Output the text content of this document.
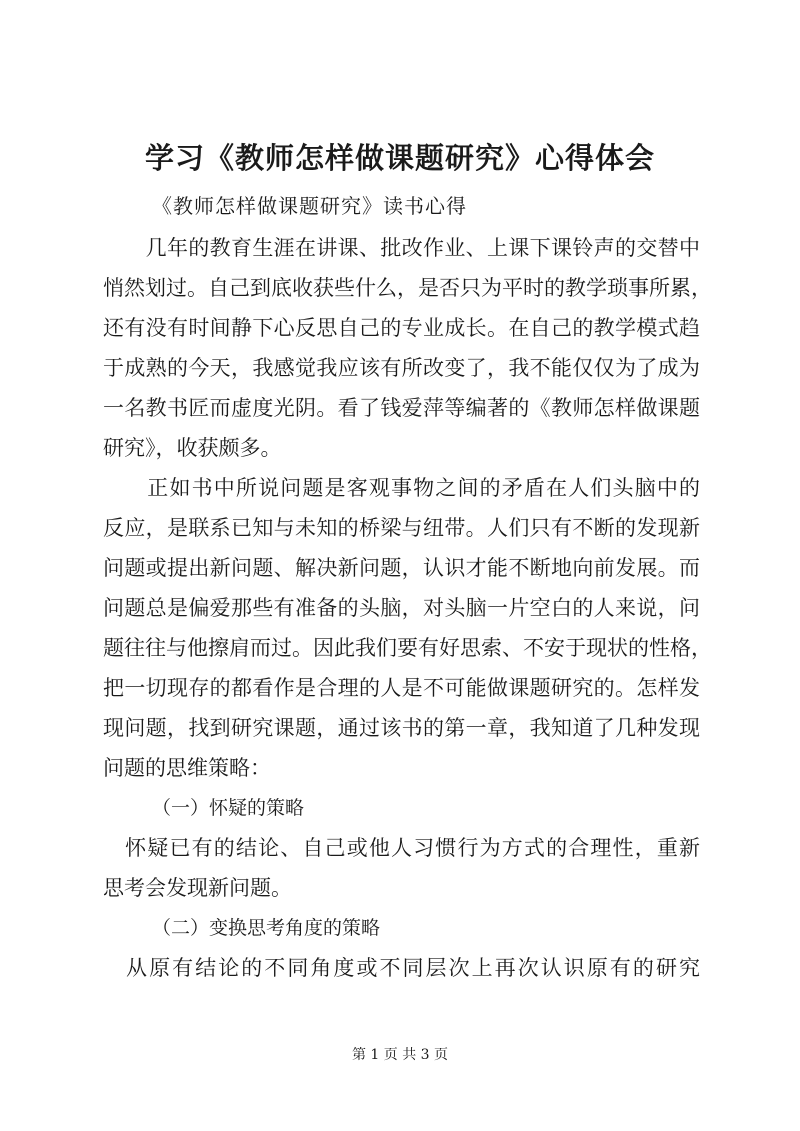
学习《教师怎样做课题研究》心得体会
《教师怎样做课题研究》读书心得
　　几年的教育生涯在讲课、批改作业、上课下课铃声的交替中
悄然划过。自己到底收获些什么，是否只为平时的教学琐事所累，
还有没有时间静下心反思自己的专业成长。在自己的教学模式趋
于成熟的今天，我感觉我应该有所改变了，我不能仅仅为了成为
一名教书匠而虚度光阴。看了钱爱萍等编著的《教师怎样做课题
研究》，收获颇多。
　　正如书中所说问题是客观事物之间的矛盾在人们头脑中的
反应，是联系已知与未知的桥梁与纽带。人们只有不断的发现新
问题或提出新问题、解决新问题，认识才能不断地向前发展。而
问题总是偏爱那些有准备的头脑，对头脑一片空白的人来说，问
题往往与他擦肩而过。因此我们要有好思索、不安于现状的性格，
把一切现存的都看作是合理的人是不可能做课题研究的。怎样发
现问题，找到研究课题，通过该书的第一章，我知道了几种发现
问题的思维策略：
（一）怀疑的策略
　怀疑已有的结论、自己或他人习惯行为方式的合理性，重新
思考会发现新问题。
（二）变换思考角度的策略
　从原有结论的不同角度或不同层次上再次认识原有的研究
第 1 页 共 3 页
